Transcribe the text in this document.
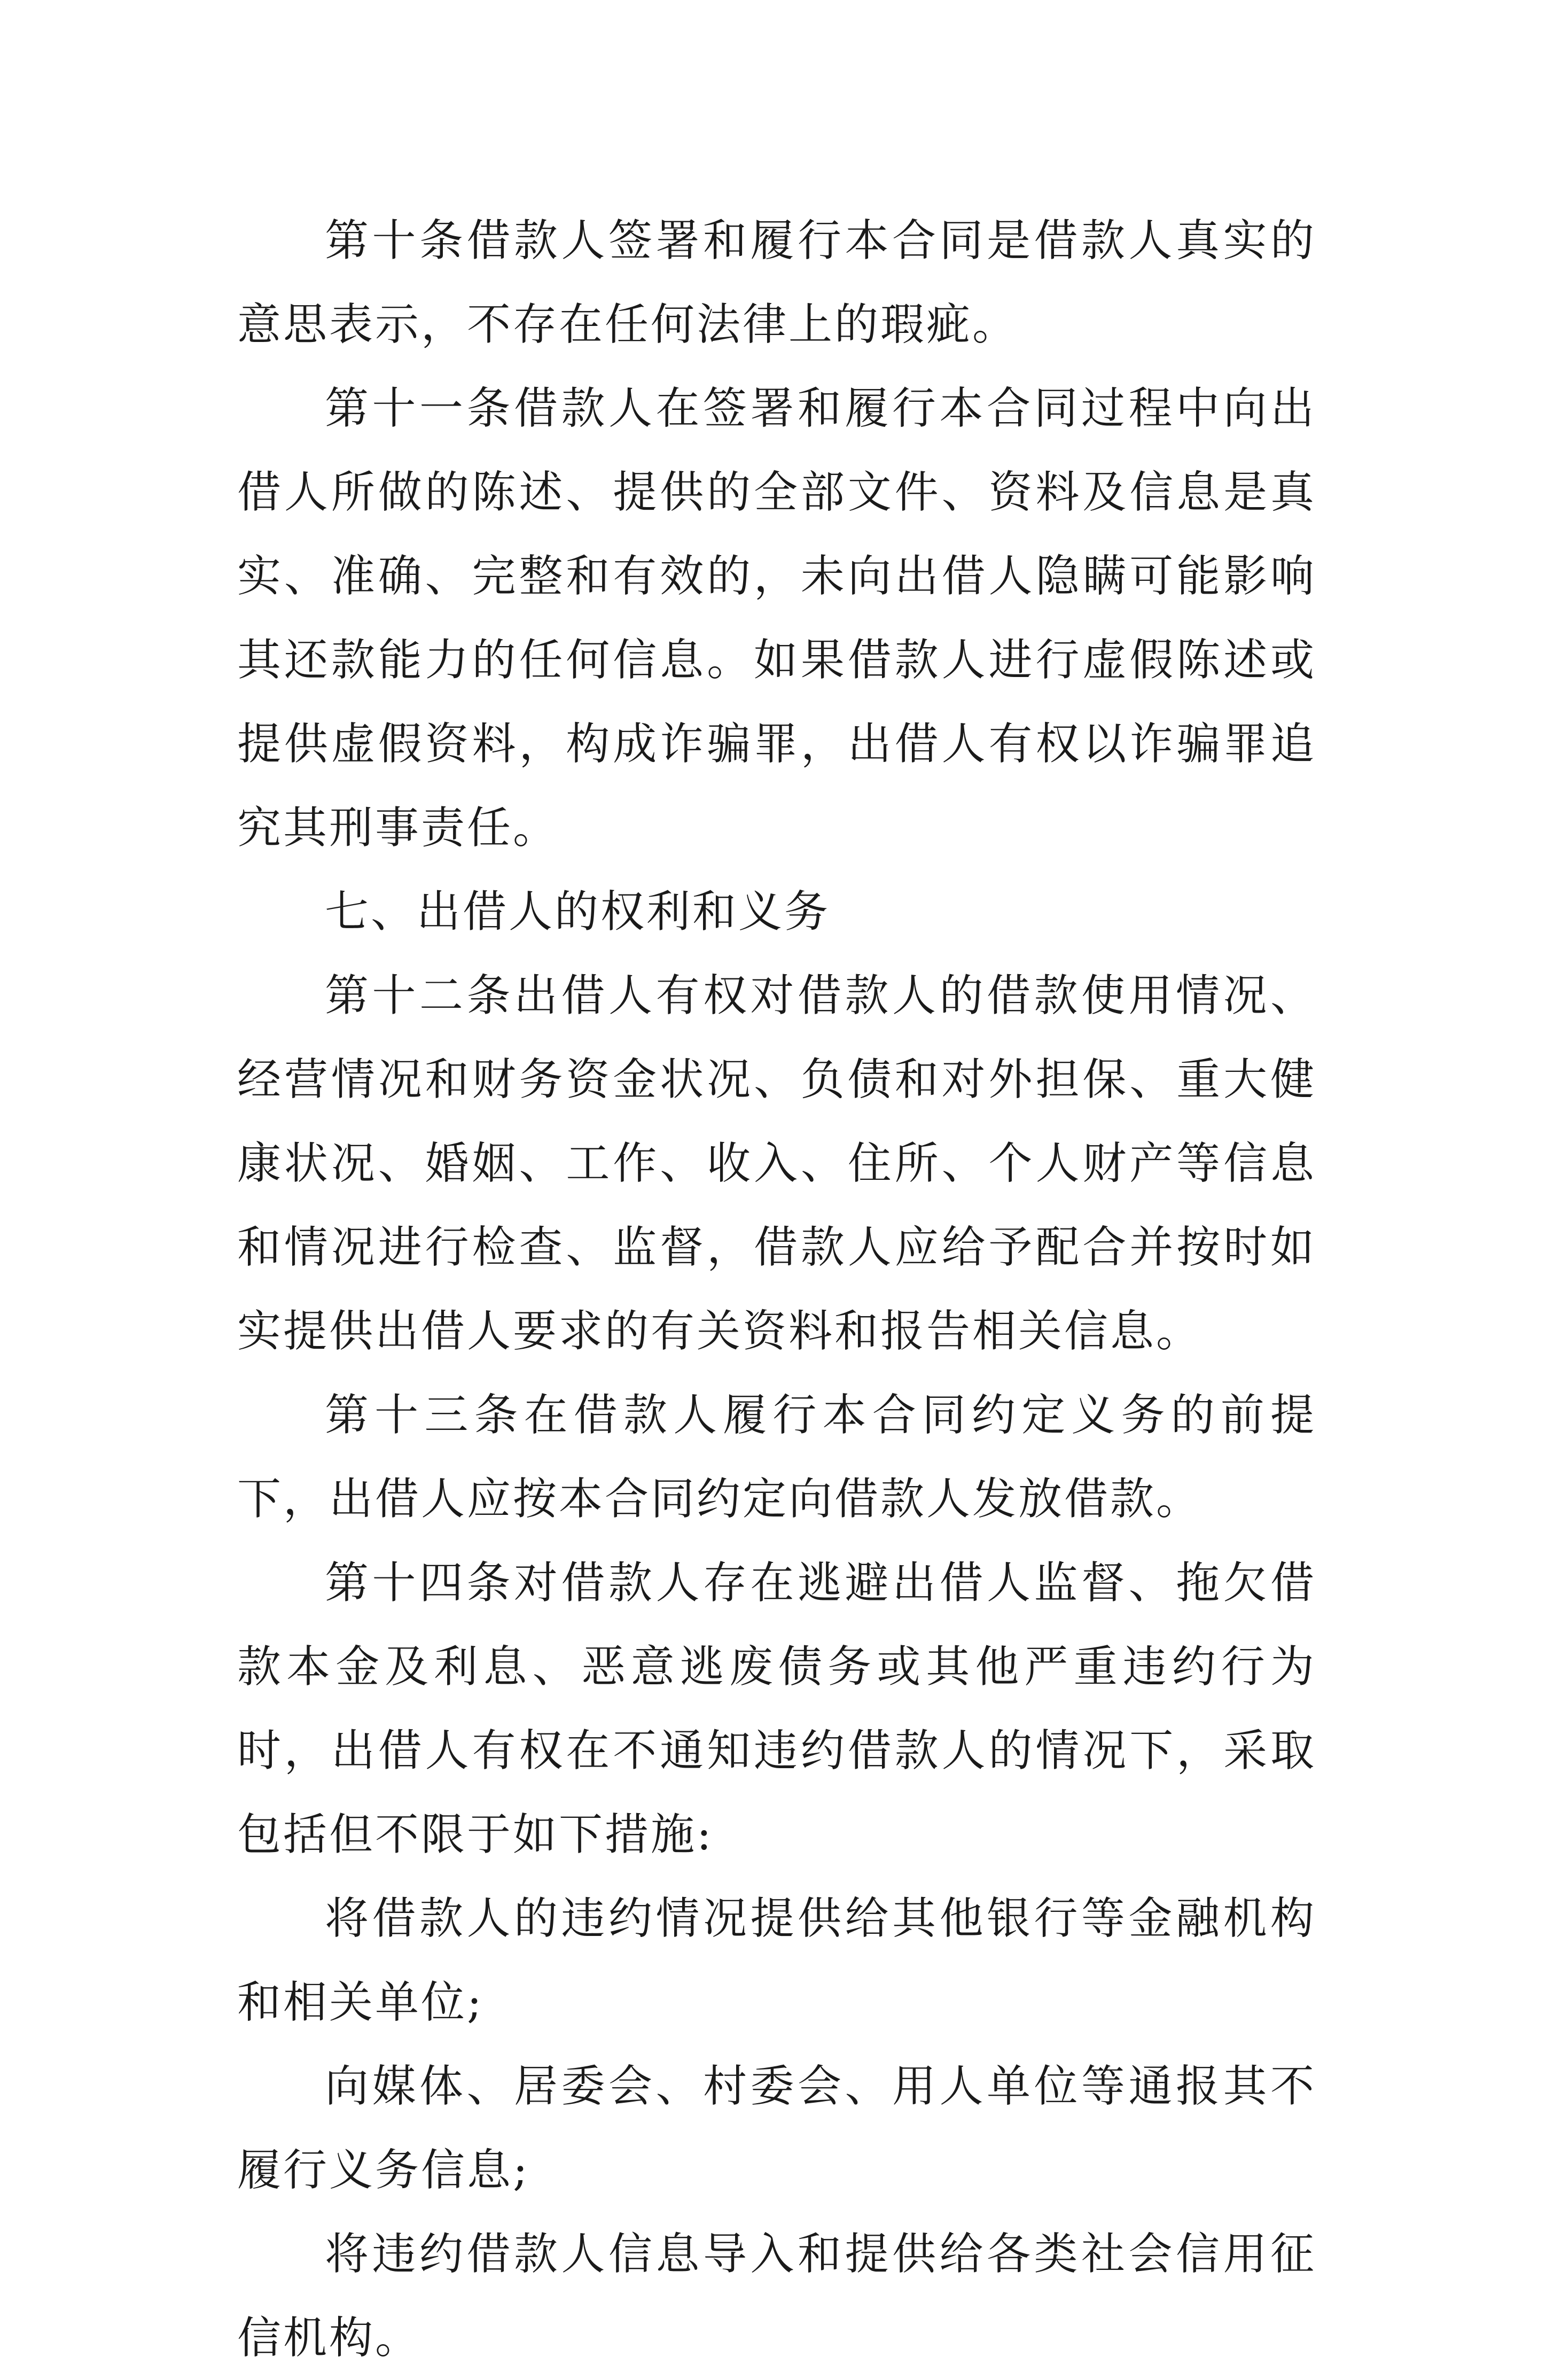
第十条借款人签署和履行本合同是借款人真实的意思表示，不存在任何法律上的瑕疵。

第十一条借款人在签署和履行本合同过程中向出借人所做的陈述、提供的全部文件、资料及信息是真实、准确、完整和有效的，未向出借人隐瞒可能影响其还款能力的任何信息。如果借款人进行虚假陈述或提供虚假资料，构成诈骗罪，出借人有权以诈骗罪追究其刑事责任。

七、出借人的权利和义务

第十二条出借人有权对借款人的借款使用情况、经营情况和财务资金状况、负债和对外担保、重大健康状况、婚姻、工作、收入、住所、个人财产等信息和情况进行检查、监督，借款人应给予配合并按时如实提供出借人要求的有关资料和报告相关信息。

第十三条在借款人履行本合同约定义务的前提下，出借人应按本合同约定向借款人发放借款。

第十四条对借款人存在逃避出借人监督、拖欠借款本金及利息、恶意逃废债务或其他严重违约行为时，出借人有权在不通知违约借款人的情况下，采取包括但不限于如下措施:

将借款人的违约情况提供给其他银行等金融机构和相关单位;

向媒体、居委会、村委会、用人单位等通报其不履行义务信息;

将违约借款人信息导入和提供给各类社会信用征信机构。
